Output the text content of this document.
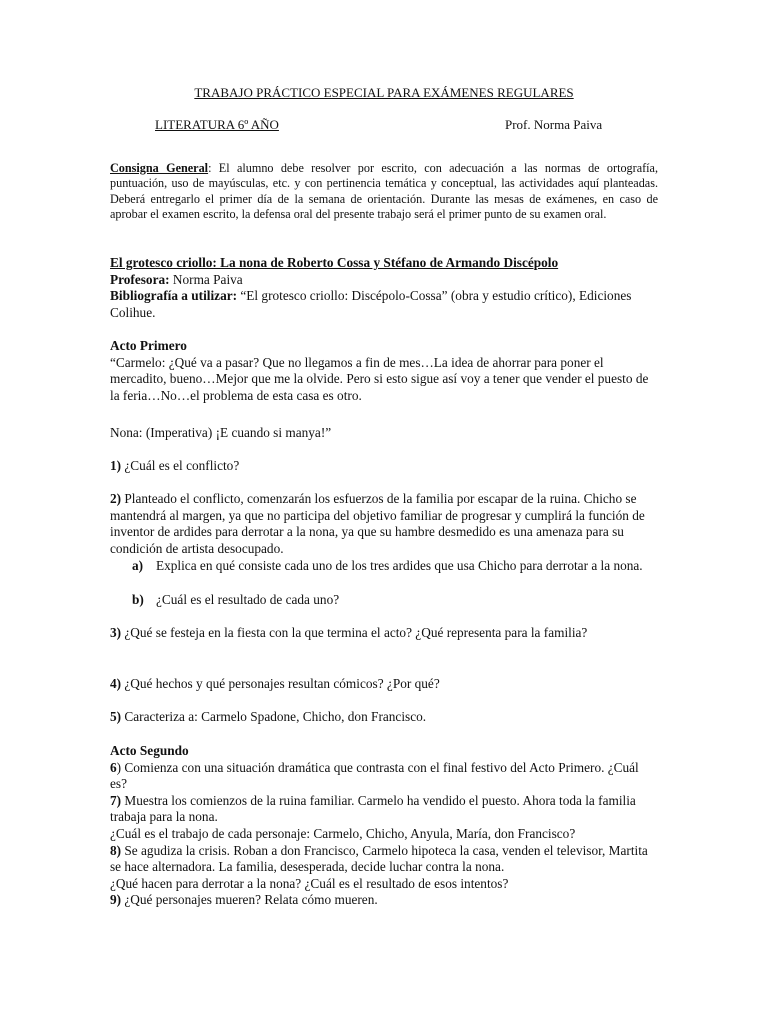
TRABAJO PRÁCTICO ESPECIAL PARA EXÁMENES REGULARES
LITERATURA 6º AÑO	Prof. Norma Paiva
Consigna General: El alumno debe resolver por escrito, con adecuación a las normas de ortografía, puntuación, uso de mayúsculas, etc. y con pertinencia temática y conceptual, las actividades aquí planteadas. Deberá entregarlo el primer día de la semana de orientación. Durante las mesas de exámenes, en caso de aprobar el examen escrito, la defensa oral del presente trabajo será el primer punto de su examen oral.

El grotesco criollo: La nona de Roberto Cossa y Stéfano de Armando Discépolo

Profesora: Norma Paiva

Bibliografía a utilizar: “El grotesco criollo: Discépolo-Cossa” (obra y estudio crítico), Ediciones Colihue.

Acto Primero

“Carmelo: ¿Qué va a pasar? Que no llegamos a fin de mes…La idea de ahorrar para poner el mercadito, bueno…Mejor que me la olvide. Pero si esto sigue así voy a tener que vender el puesto de la feria…No…el problema de esta casa es otro.

Nona: (Imperativa) ¡E cuando si manya!”
1) ¿Cuál es el conflicto?
2) Planteado el conflicto, comenzarán los esfuerzos de la familia por escapar de la ruina. Chicho se mantendrá al margen, ya que no participa del objetivo familiar de progresar y cumplirá la función de inventor de ardides para derrotar a la nona, ya que su hambre desmedido es una amenaza para su condición de artista desocupado.
a) Explica en qué consiste cada uno de los tres ardides que usa Chicho para derrotar a la nona.
b) ¿Cuál es el resultado de cada uno?
3) ¿Qué se festeja en la fiesta con la que termina el acto? ¿Qué representa para la familia?
4) ¿Qué hechos y qué personajes resultan cómicos? ¿Por qué?
5) Caracteriza a: Carmelo Spadone, Chicho, don Francisco.

Acto Segundo

6) Comienza con una situación dramática que contrasta con el final festivo del Acto Primero. ¿Cuál es?

7) Muestra los comienzos de la ruina familiar. Carmelo ha vendido el puesto. Ahora toda la familia trabaja para la nona.

¿Cuál es el trabajo de cada personaje: Carmelo, Chicho, Anyula, María, don Francisco?

8) Se agudiza la crisis. Roban a don Francisco, Carmelo hipoteca la casa, venden el televisor, Martita se hace alternadora. La familia, desesperada, decide luchar contra la nona.

¿Qué hacen para derrotar a la nona? ¿Cuál es el resultado de esos intentos?

9) ¿Qué personajes mueren? Relata cómo mueren.
